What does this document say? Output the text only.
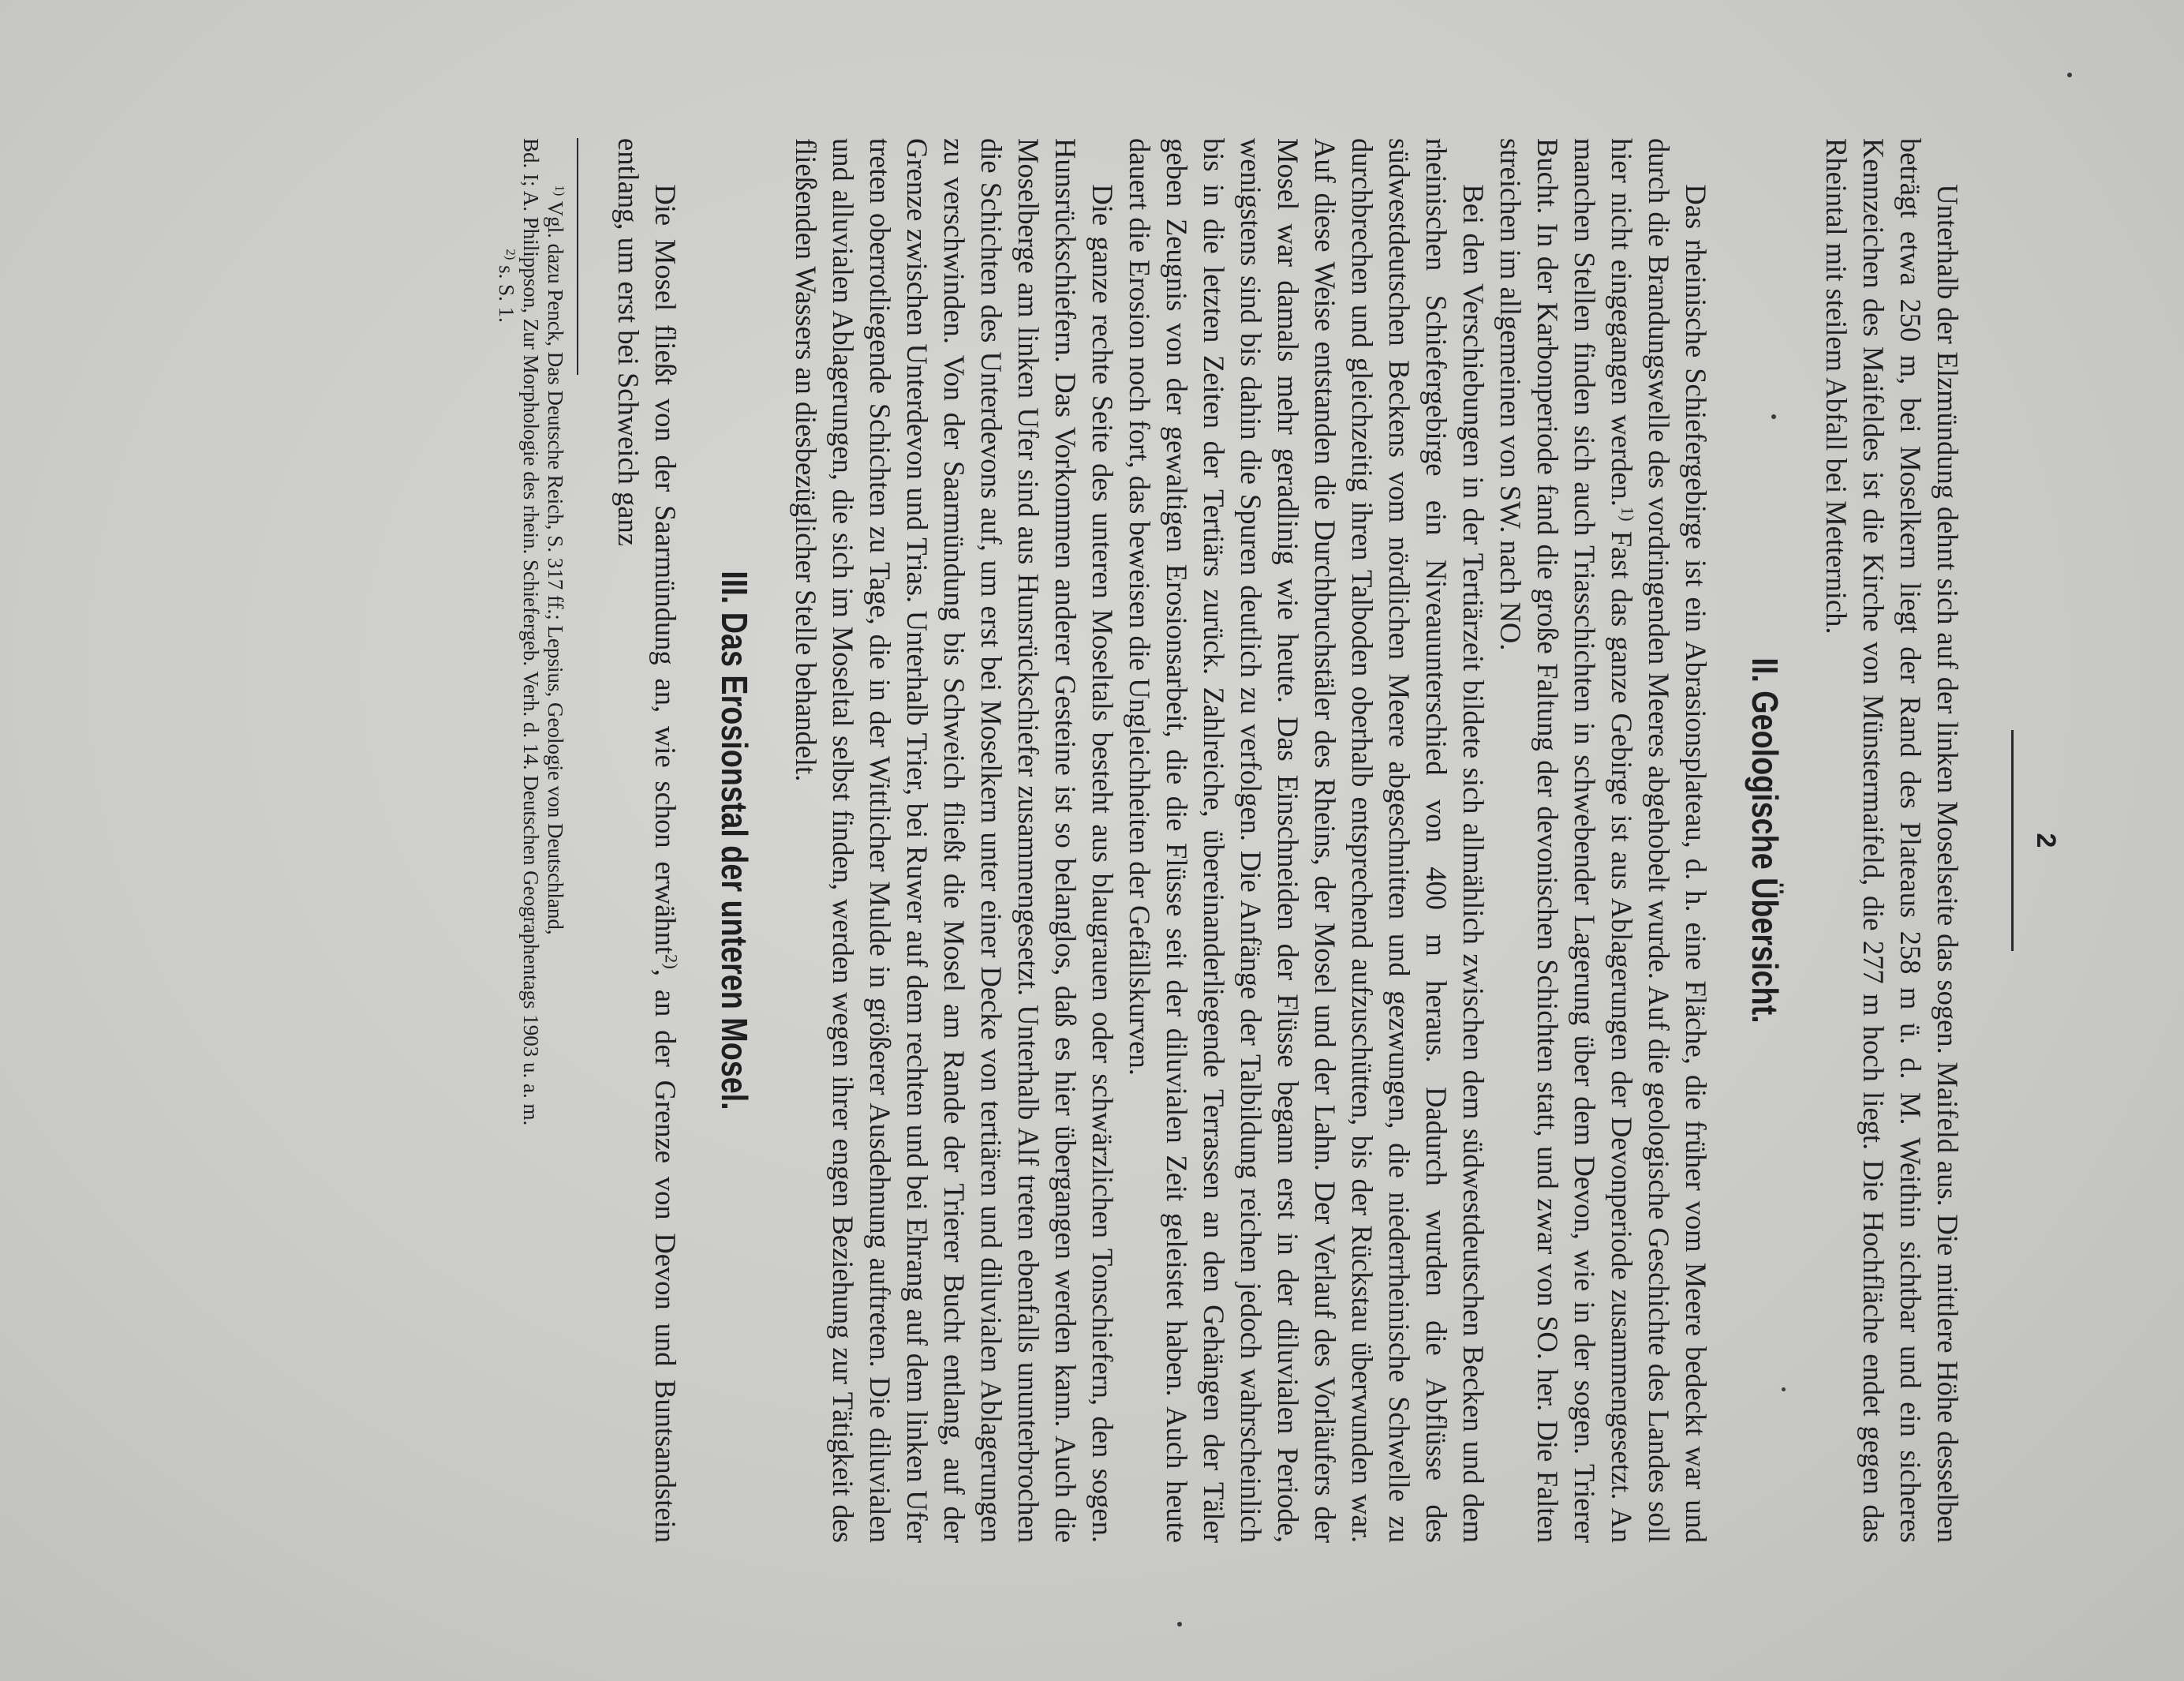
2

Unterhalb der Elzmündung dehnt sich auf der linken Moselseite das sogen. Maifeld aus. Die mittlere Höhe desselben beträgt etwa 250 m, bei Moselkern liegt der Rand des Plateaus 258 m ü. d. M. Weithin sichtbar und ein sicheres Kennzeichen des Maifeldes ist die Kirche von Münstermaifeld, die 277 m hoch liegt. Die Hochfläche endet gegen das Rheintal mit steilem Abfall bei Metternich.

II. Geologische Übersicht.

Das rheinische Schiefergebirge ist ein Abrasionsplateau, d. h. eine Fläche, die früher vom Meere bedeckt war und durch die Brandungswelle des vordringenden Meeres abgehobelt wurde. Auf die geologische Geschichte des Landes soll hier nicht eingegangen werden.$^{1)}$ Fast das ganze Gebirge ist aus Ablagerungen der Devonperiode zusammengesetzt. An manchen Stellen finden sich auch Triasschichten in schwebender Lagerung über dem Devon, wie in der sogen. Trierer Bucht. In der Karbonperiode fand die große Faltung der devonischen Schichten statt, und zwar von SO. her. Die Falten streichen im allgemeinen von SW. nach NO.

Bei den Verschiebungen in der Tertiärzeit bildete sich allmählich zwischen dem südwestdeutschen Becken und dem rheinischen Schiefergebirge ein Niveauunterschied von 400 m heraus. Dadurch wurden die Abflüsse des südwestdeutschen Beckens vom nördlichen Meere abgeschnitten und gezwungen, die niederrheinische Schwelle zu durchbrechen und gleichzeitig ihren Talboden oberhalb entsprechend aufzuschütten, bis der Rückstau überwunden war. Auf diese Weise entstanden die Durchbruchstäler des Rheins, der Mosel und der Lahn. Der Verlauf des Vorläufers der Mosel war damals mehr geradlinig wie heute. Das Einschneiden der Flüsse begann erst in der diluvialen Periode, wenigstens sind bis dahin die Spuren deutlich zu verfolgen. Die Anfänge der Talbildung reichen jedoch wahrscheinlich bis in die letzten Zeiten der Tertiärs zurück. Zahlreiche, übereinanderliegende Terrassen an den Gehängen der Täler geben Zeugnis von der gewaltigen Erosionsarbeit, die die Flüsse seit der diluvialen Zeit geleistet haben. Auch heute dauert die Erosion noch fort, das beweisen die Ungleichheiten der Gefällskurven.

Die ganze rechte Seite des unteren Moseltals besteht aus blaugrauen oder schwärzlichen Tonschiefern, den sogen. Hunsrückschiefern. Das Vorkommen anderer Gesteine ist so belanglos, daß es hier übergangen werden kann. Auch die Moselberge am linken Ufer sind aus Hunsrückschiefer zusammengesetzt. Unterhalb Alf treten ebenfalls ununterbrochen die Schichten des Unterdevons auf, um erst bei Moselkern unter einer Decke von tertiären und diluvialen Ablagerungen zu verschwinden. Von der Saarmündung bis Schweich fließt die Mosel am Rande der Trierer Bucht entlang, auf der Grenze zwischen Unterdevon und Trias. Unterhalb Trier, bei Ruwer auf dem rechten und bei Ehrang auf dem linken Ufer treten oberrotliegende Schichten zu Tage, die in der Wittlicher Mulde in größerer Ausdehnung auftreten. Die diluvialen und alluvialen Ablagerungen, die sich im Moseltal selbst finden, werden wegen ihrer engen Beziehung zur Tätigkeit des fließenden Wassers an diesbezüglicher Stelle behandelt.

III. Das Erosionstal der unteren Mosel.

Die Mosel fließt von der Saarmündung an, wie schon erwähnt$^{2)}$, an der Grenze von Devon und Buntsandstein entlang, um erst bei Schweich ganz

$^{1)}$ Vgl. dazu Penck, Das Deutsche Reich, S. 317 ff.; Lepsius, Geologie von Deutschland,

Bd. I; A. Philippson, Zur Morphologie des rhein. Schiefergeb. Verh. d. 14. Deutschen Geographentags 1903 u. a. m.

$^{2)}$ s. S. 1.
